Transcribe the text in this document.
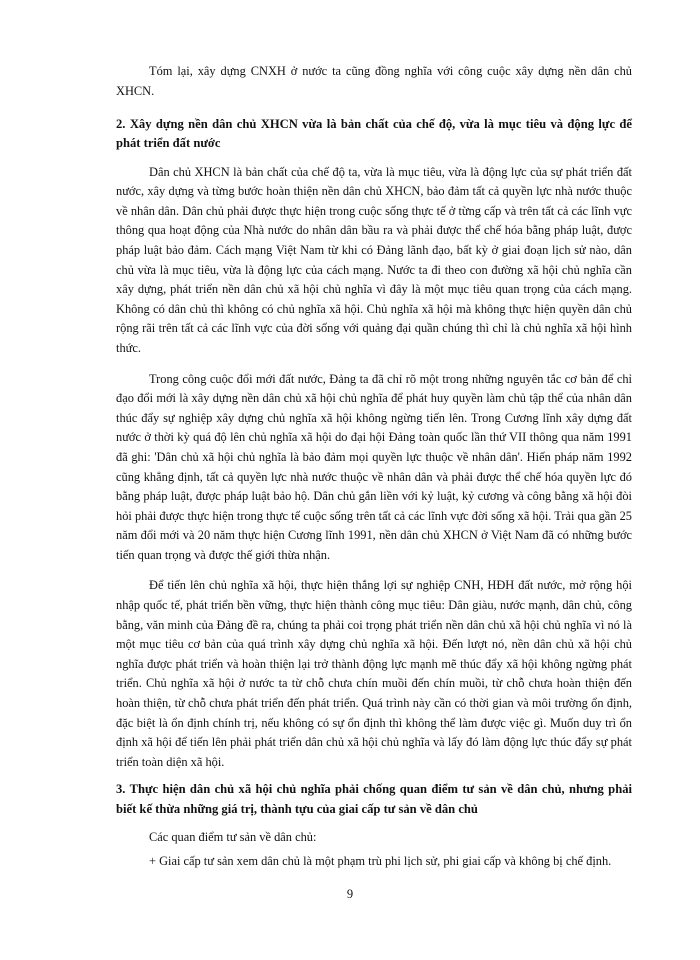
Tóm lại, xây dựng CNXH ở nước ta cũng đồng nghĩa với công cuộc xây dựng nền dân chủ XHCN.

2. Xây dựng nền dân chủ XHCN vừa là bản chất của chế độ, vừa là mục tiêu và động lực để phát triển đất nước

Dân chủ XHCN là bản chất của chế độ ta, vừa là mục tiêu, vừa là động lực của sự phát triển đất nước, xây dựng và từng bước hoàn thiện nền dân chủ XHCN, bảo đảm tất cả quyền lực nhà nước thuộc về nhân dân. Dân chủ phải được thực hiện trong cuộc sống thực tế ở từng cấp và trên tất cả các lĩnh vực thông qua hoạt động của Nhà nước do nhân dân bầu ra và phải được thể chế hóa bằng pháp luật, được pháp luật bảo đảm. Cách mạng Việt Nam từ khi có Đảng lãnh đạo, bất kỳ ở giai đoạn lịch sử nào, dân chủ vừa là mục tiêu, vừa là động lực của cách mạng. Nước ta đi theo con đường xã hội chủ nghĩa cần xây dựng, phát triển nền dân chủ xã hội chủ nghĩa vì đây là một mục tiêu quan trọng của cách mạng. Không có dân chủ thì không có chủ nghĩa xã hội. Chủ nghĩa xã hội mà không thực hiện quyền dân chủ rộng rãi trên tất cả các lĩnh vực của đời sống với quảng đại quần chúng thì chỉ là chủ nghĩa xã hội hình thức.

Trong công cuộc đổi mới đất nước, Đảng ta đã chỉ rõ một trong những nguyên tắc cơ bản để chỉ đạo đổi mới là xây dựng nền dân chủ xã hội chủ nghĩa để phát huy quyền làm chủ tập thể của nhân dân thúc đẩy sự nghiệp xây dựng chủ nghĩa xã hội không ngừng tiến lên. Trong Cương lĩnh xây dựng đất nước ở thời kỳ quá độ lên chủ nghĩa xã hội do đại hội Đảng toàn quốc lần thứ VII thông qua năm 1991 đã ghi: 'Dân chủ xã hội chủ nghĩa là bảo đảm mọi quyền lực thuộc về nhân dân'. Hiến pháp năm 1992 cũng khẳng định, tất cả quyền lực nhà nước thuộc về nhân dân và phải được thể chế hóa quyền lực đó bằng pháp luật, được pháp luật bảo hộ. Dân chủ gắn liền với kỷ luật, kỷ cương và công bằng xã hội đòi hỏi phải được thực hiện trong thực tế cuộc sống trên tất cả các lĩnh vực đời sống xã hội. Trải qua gần 25 năm đổi mới và 20 năm thực hiện Cương lĩnh 1991, nền dân chủ XHCN ở Việt Nam đã có những bước tiến quan trọng và được thế giới thừa nhận.

Để tiến lên chủ nghĩa xã hội, thực hiện thắng lợi sự nghiệp CNH, HĐH đất nước, mở rộng hội nhập quốc tế, phát triển bền vững, thực hiện thành công mục tiêu: Dân giàu, nước mạnh, dân chủ, công bằng, văn minh của Đảng đề ra, chúng ta phải coi trọng phát triển nền dân chủ xã hội chủ nghĩa vì nó là một mục tiêu cơ bản của quá trình xây dựng chủ nghĩa xã hội. Đến lượt nó, nền dân chủ xã hội chủ nghĩa được phát triển và hoàn thiện lại trở thành động lực mạnh mẽ thúc đẩy xã hội không ngừng phát triển. Chủ nghĩa xã hội ở nước ta từ chỗ chưa chín muồi đến chín muồi, từ chỗ chưa hoàn thiện đến hoàn thiện, từ chỗ chưa phát triển đến phát triển. Quá trình này cần có thời gian và môi trường ổn định, đặc biệt là ổn định chính trị, nếu không có sự ổn định thì không thể làm được việc gì. Muốn duy trì ổn định xã hội để tiến lên phải phát triển dân chủ xã hội chủ nghĩa và lấy đó làm động lực thúc đẩy sự phát triển toàn diện xã hội.

3. Thực hiện dân chủ xã hội chủ nghĩa phải chống quan điểm tư sản về dân chủ, nhưng phải biết kế thừa những giá trị, thành tựu của giai cấp tư sản về dân chủ

Các quan điểm tư sản về dân chủ:

+ Giai cấp tư sản xem dân chủ là một phạm trù phi lịch sử, phi giai cấp và không bị chế định.

9
